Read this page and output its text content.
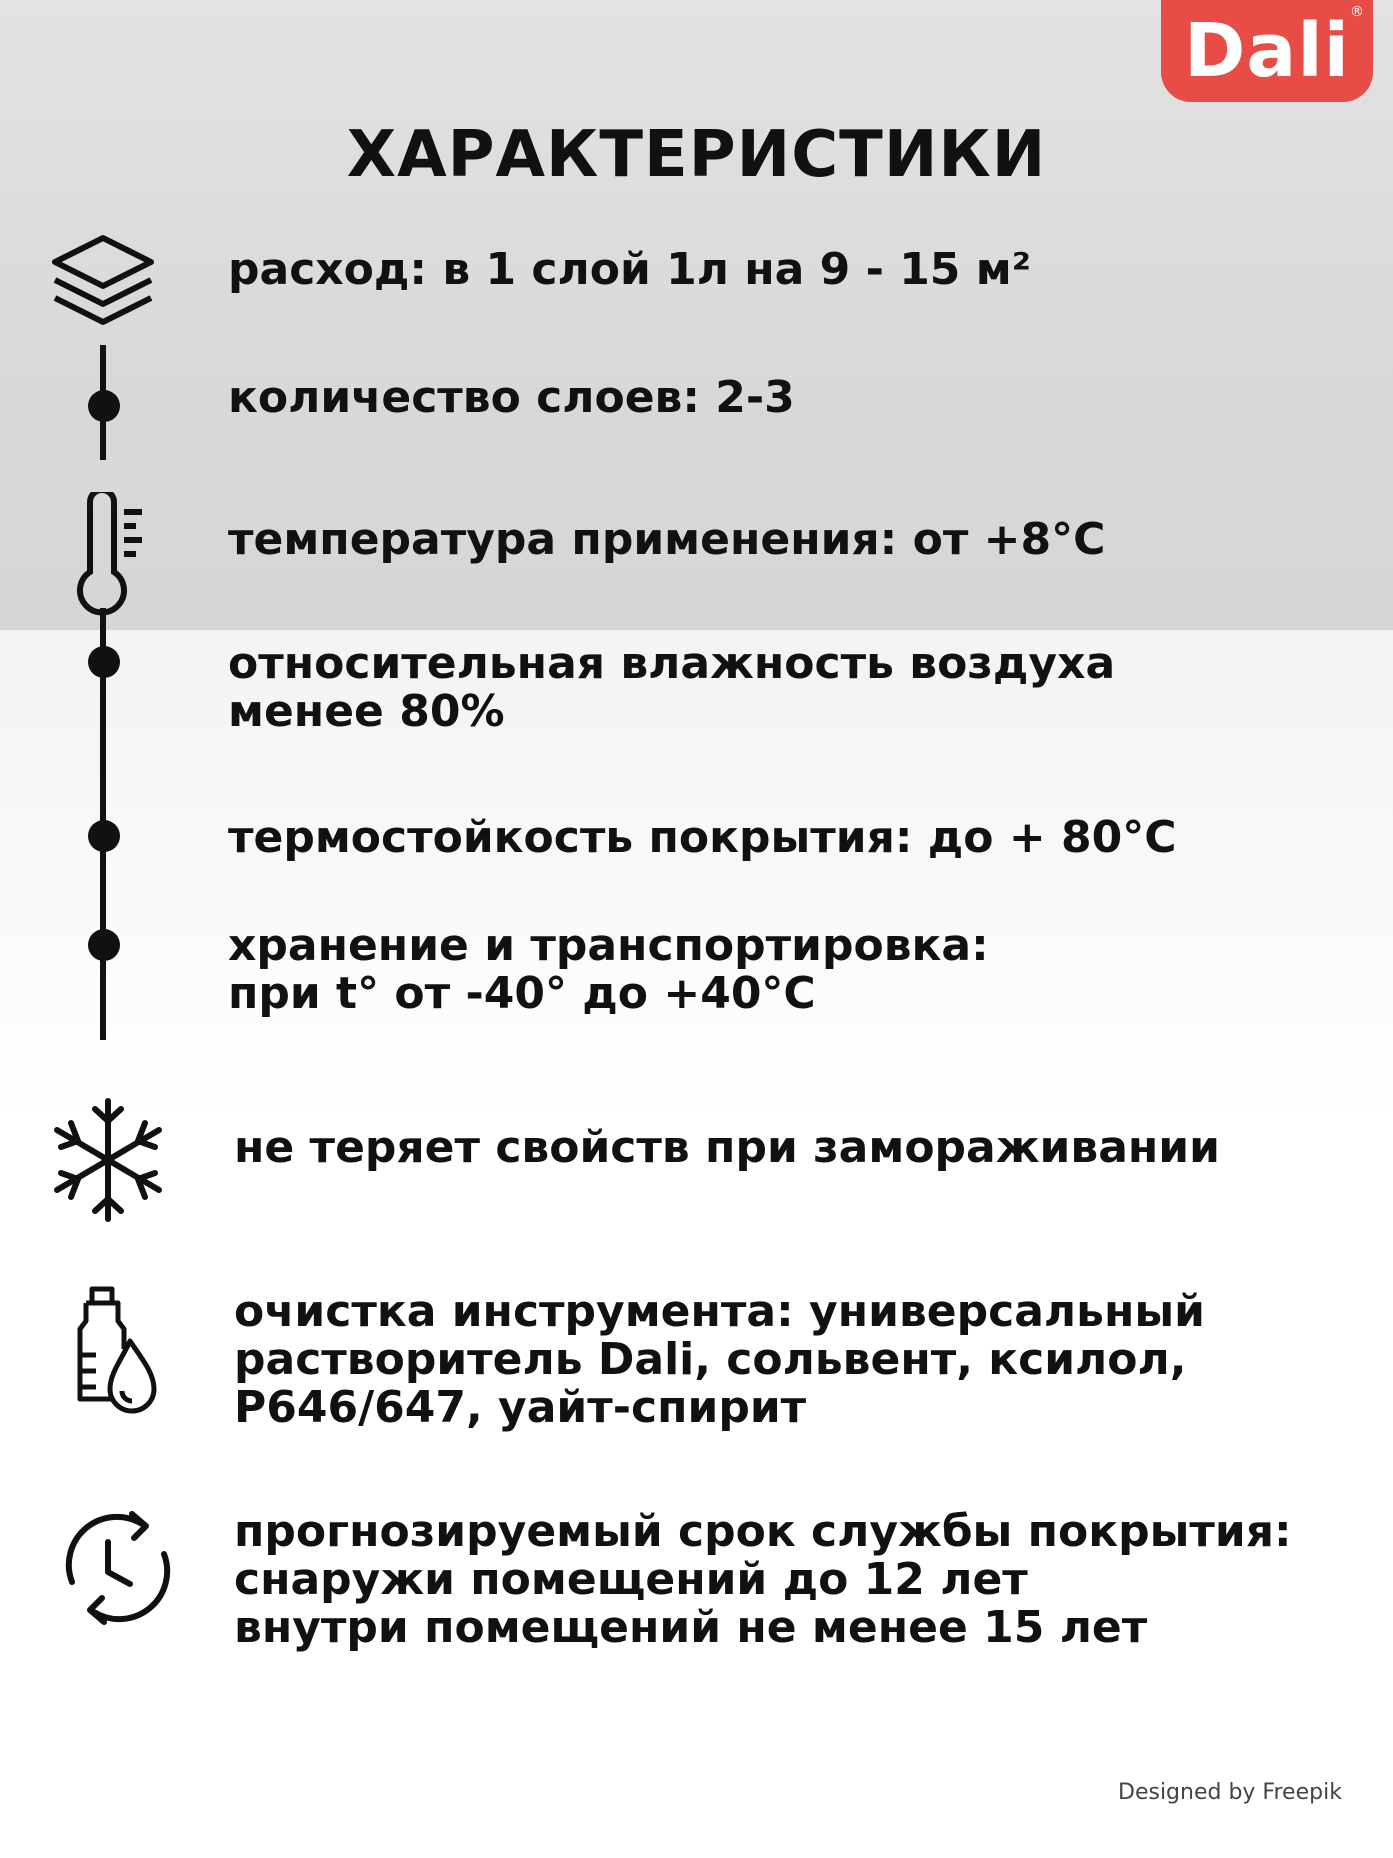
Dali ®
ХАРАКТЕРИСТИКИ
расход: в 1 слой 1л на 9 - 15 м²
количество слоев: 2-3
температура применения: от +8°С
относительная влажность воздуха
менее 80%
термостойкость покрытия: до + 80°С
хранение и транспортировка:
при t° от -40° до +40°С
не теряет свойств при замораживании
очистка инструмента: универсальный
растворитель Dali, сольвент, ксилол,
Р646/647, уайт-спирит
прогнозируемый срок службы покрытия:
снаружи помещений до 12 лет
внутри помещений не менее 15 лет
Designed by Freepik
